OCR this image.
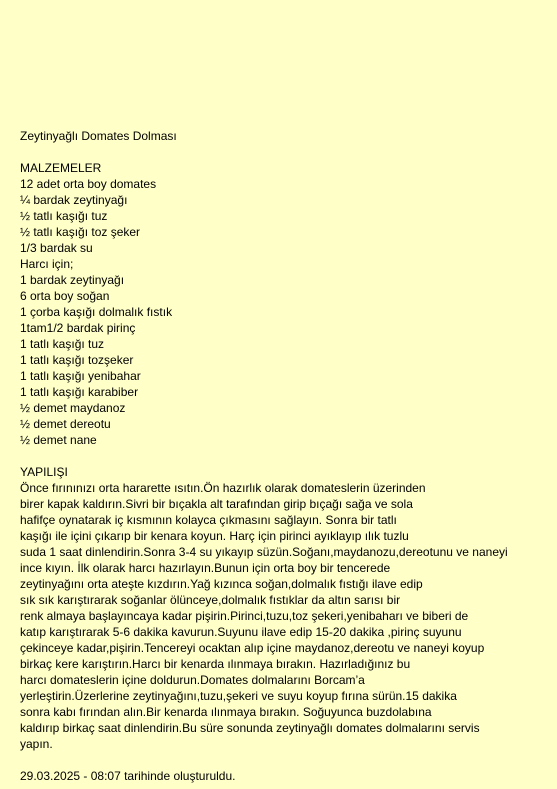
Zeytinyağlı Domates Dolması
MALZEMELER
12 adet orta boy domates
¼ bardak zeytinyağı
½ tatlı kaşığı tuz
½ tatlı kaşığı toz şeker
1/3 bardak su
Harcı için;
1 bardak zeytinyağı
6 orta boy soğan
1 çorba kaşığı dolmalık fıstık
1tam1/2 bardak pirinç
1 tatlı kaşığı tuz
1 tatlı kaşığı tozşeker
1 tatlı kaşığı yenibahar
1 tatlı kaşığı karabiber
½ demet maydanoz
½ demet dereotu
½ demet nane
YAPILIŞI
Önce fırınınızı orta hararette ısıtın.Ön hazırlık olarak domateslerin üzerinden
birer kapak kaldırın.Sivri bir bıçakla alt tarafından girip bıçağı sağa ve sola
hafifçe oynatarak iç kısmının kolayca çıkmasını sağlayın. Sonra bir tatlı
kaşığı ile içini çıkarıp bir kenara koyun. Harç için pirinci ayıklayıp ılık tuzlu
suda 1 saat dinlendirin.Sonra 3-4 su yıkayıp süzün.Soğanı,maydanozu,dereotunu ve naneyi
ince kıyın. İlk olarak harcı hazırlayın.Bunun için orta boy bir tencerede
zeytinyağını orta ateşte kızdırın.Yağ kızınca soğan,dolmalık fıstığı ilave edip
sık sık karıştırarak soğanlar ölünceye,dolmalık fıstıklar da altın sarısı bir
renk almaya başlayıncaya kadar pişirin.Pirinci,tuzu,toz şekeri,yenibaharı ve biberi de
katıp karıştırarak 5-6 dakika kavurun.Suyunu ilave edip 15-20 dakika ,pirinç suyunu
çekinceye kadar,pişirin.Tencereyi ocaktan alıp içine maydanoz,dereotu ve naneyi koyup
birkaç kere karıştırın.Harcı bir kenarda ılınmaya bırakın. Hazırladığınız bu
harcı domateslerin içine doldurun.Domates dolmalarını Borcam’a
yerleştirin.Üzerlerine zeytinyağını,tuzu,şekeri ve suyu koyup fırına sürün.15 dakika
sonra kabı fırından alın.Bir kenarda ılınmaya bırakın. Soğuyunca buzdolabına
kaldırıp birkaç saat dinlendirin.Bu süre sonunda zeytinyağlı domates dolmalarını servis
yapın.
29.03.2025 - 08:07 tarihinde oluşturuldu.
